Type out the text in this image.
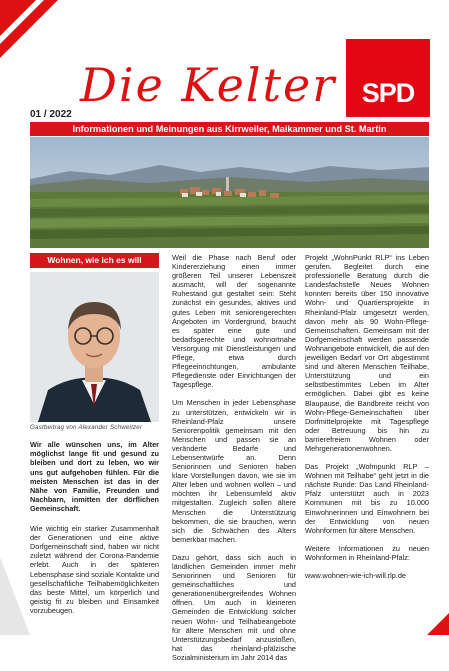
Die Kelter SPD
01 / 2022
Informationen und Meinungen aus Kirrweiler, Maikammer und St. Martin
Wohnen, wie ich es will
Gastbeitrag von Alexander Schweitzer

Wir alle wünschen uns, im Alter möglichst lange fit und gesund zu bleiben und dort zu leben, wo wir uns gut aufgehoben fühlen. Für die meisten Menschen ist das in der Nähe von Familie, Freunden und Nachbarn, inmitten der dörflichen Gemeinschaft.

Wie wichtig ein starker Zusammenhalt der Generationen und eine aktive Dorfgemeinschaft sind, haben wir nicht zuletzt während der Corona-Pandemie erlebt. Auch in der späteren Lebensphase sind soziale Kontakte und gesellschaftliche Teilhabemöglichkeiten das beste Mittel, um körperlich und geistig fit zu bleiben und Einsamkeit vorzubeugen.

Weil die Phase nach Beruf oder Kindererziehung einen immer größeren Teil unserer Lebenszeit ausmacht, will der sogenannte Ruhestand gut gestaltet sein: Steht zunächst ein gesundes, aktives und gutes Leben mit seniorengerechten Angeboten im Vordergrund, braucht es später eine gute und bedarfsgerechte und wohnortnahe Versorgung mit Dienstleistungen und Pflege, etwa durch Pflegeeinrichtungen, ambulante Pflegedienste oder Einrichtungen der Tagespflege.

Um Menschen in jeder Lebensphase zu unterstützen, entwickeln wir in Rheinland-Pfalz unsere Seniorenpolitik gemeinsam mit den Menschen und passen sie an veränderte Bedarfe und Lebensentwürfe an. Denn Seniorinnen und Senioren haben klare Vorstellungen davon, wie sie im Alter leben und wohnen wollen – und möchten ihr Lebensumfeld aktiv mitgestalten. Zugleich sollen ältere Menschen die Unterstützung bekommen, die sie brauchen, wenn sich die Schwächen des Alters bemerkbar machen.

Dazu gehört, dass sich auch in ländlichen Gemeinden immer mehr Seniorinnen und Senioren für gemeinschaftliches und generationenübergreifendes Wohnen öffnen. Um auch in kleineren Gemeinden die Entwicklung solcher neuen Wohn- und Teilhabeangebote für ältere Menschen mit und ohne Unterstützungsbedarf anzustoßen, hat das rheinland-pfälzische Sozialministerium im Jahr 2014 das

Projekt „WohnPunkt RLP“ ins Leben gerufen. Begleitet durch eine professionelle Beratung durch die Landesfachstelle Neues Wohnen konnten bereits über 150 innovative Wohn- und Quartiersprojekte in Rheinland-Pfalz umgesetzt werden, davon mehr als 90 Wohn-Pflege-Gemeinschaften. Gemeinsam mit der Dorfgemeinschaft werden passende Wohnangebote entwickelt, die auf den jeweiligen Bedarf vor Ort abgestimmt sind und älteren Menschen Teilhabe, Unterstützung und ein selbstbestimmtes Leben im Alter ermöglichen. Dabei gibt es keine Blaupause, die Bandbreite reicht von Wohn-Pflege-Gemeinschaften über Dorfmittelprojekte mit Tagespflege oder Betreuung bis hin zu barrierefreiem Wohnen oder Mehrgenerationenwohnen.

Das Projekt „Wohnpunkt RLP – Wohnen mit Teilhabe“ geht jetzt in die nächste Runde: Das Land Rheinland-Pfalz unterstützt auch in 2023 Kommunen mit bis zu 10.000 Einwohnerinnen und Einwohnern bei der Entwicklung von neuen Wohnformen für ältere Menschen.

Weitere Informationen zu neuen Wohnformen in Rheinland-Pfalz:

www.wohnen-wie-ich-will.rlp.de
